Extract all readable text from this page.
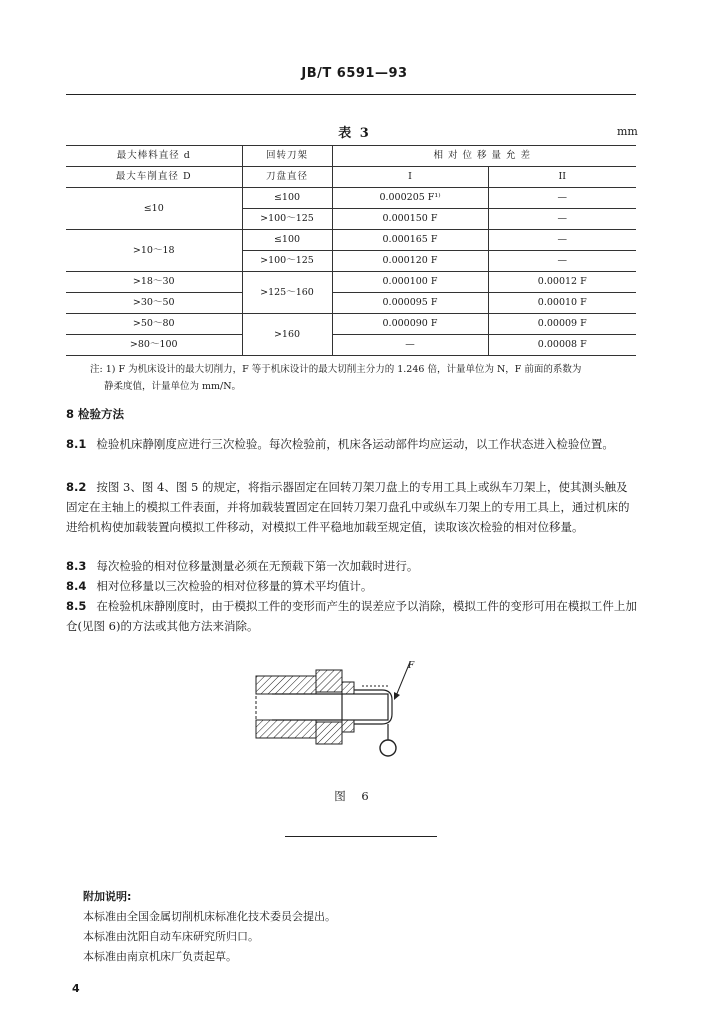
JB/T 6591—93
表 3	mm
最大棒料直径 d	回转刀架	相对位移量允差	
最大车削直径 D	刀盘直径	I	II
≤10	≤100	0.000205 F¹⁾	—
	>100～125	0.000150 F	—
>10～18	≤100	0.000165 F	—
	>100～125	0.000120 F	—
>18～30	>125～160	0.000100 F	0.00012 F
>30～50		0.000095 F	0.00010 F
>50～80	>160	0.000090 F	0.00009 F
>80～100		—	0.00008 F
注: 1) F 为机床设计的最大切削力，F 等于机床设计的最大切削主分力的 1.246 倍，计量单位为 N，F 前面的系数为
静柔度值，计量单位为 mm/N。
8 检验方法
8.1 检验机床静刚度应进行三次检验。每次检验前，机床各运动部件均应运动，以工作状态进入检验位置。
8.2 按图 3、图 4、图 5 的规定，将指示器固定在回转刀架刀盘上的专用工具上或纵车刀架上，使其测头触及固定在主轴上的模拟工件表面，并将加载装置固定在回转刀架刀盘孔中或纵车刀架上的专用工具上，通过机床的进给机构使加载装置向模拟工件移动，对模拟工件平稳地加载至规定值，读取该次检验的相对位移量。
8.3 每次检验的相对位移量测量必须在无预载下第一次加载时进行。
8.4 相对位移量以三次检验的相对位移量的算术平均值计。
8.5 在检验机床静刚度时，由于模拟工件的变形而产生的误差应予以消除，模拟工件的变形可用在模拟工件上加仓(见图 6)的方法或其他方法来消除。
F
图 6
附加说明:
本标准由全国金属切削机床标准化技术委员会提出。
本标准由沈阳自动车床研究所归口。
本标准由南京机床厂负责起草。
4
